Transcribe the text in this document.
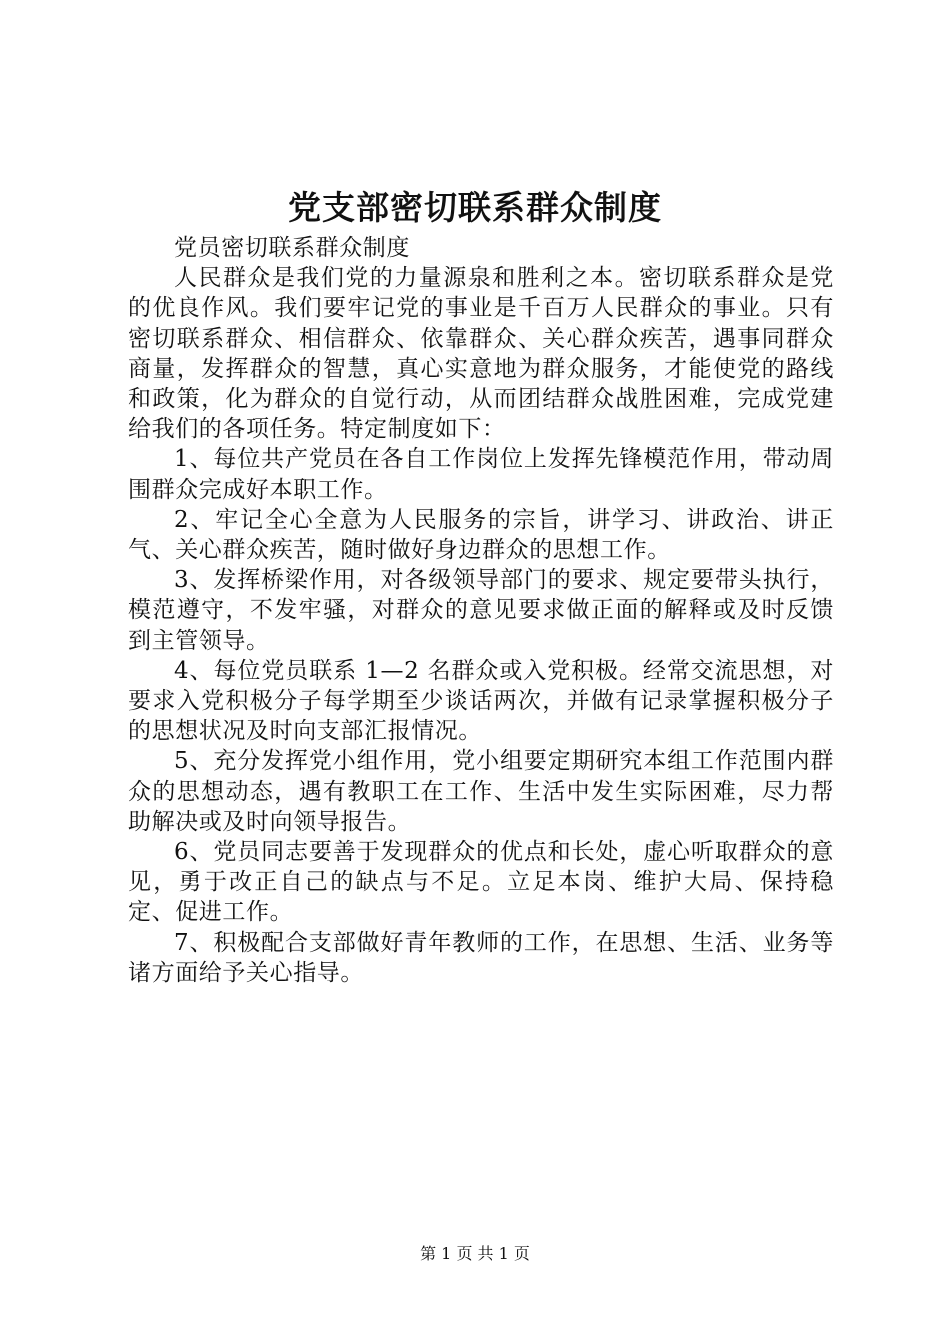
党支部密切联系群众制度

党员密切联系群众制度

人民群众是我们党的力量源泉和胜利之本。密切联系群众是党的优良作风。我们要牢记党的事业是千百万人民群众的事业。只有密切联系群众、相信群众、依靠群众、关心群众疾苦，遇事同群众商量，发挥群众的智慧，真心实意地为群众服务，才能使党的路线和政策，化为群众的自觉行动，从而团结群众战胜困难，完成党建给我们的各项任务。特定制度如下：

1、每位共产党员在各自工作岗位上发挥先锋模范作用，带动周围群众完成好本职工作。

2、牢记全心全意为人民服务的宗旨，讲学习、讲政治、讲正气、关心群众疾苦，随时做好身边群众的思想工作。

3、发挥桥梁作用，对各级领导部门的要求、规定要带头执行，模范遵守，不发牢骚，对群众的意见要求做正面的解释或及时反馈到主管领导。

4、每位党员联系 1—2 名群众或入党积极。经常交流思想，对要求入党积极分子每学期至少谈话两次，并做有记录掌握积极分子的思想状况及时向支部汇报情况。

5、充分发挥党小组作用，党小组要定期研究本组工作范围内群众的思想动态，遇有教职工在工作、生活中发生实际困难，尽力帮助解决或及时向领导报告。

6、党员同志要善于发现群众的优点和长处，虚心听取群众的意见，勇于改正自己的缺点与不足。立足本岗、维护大局、保持稳定、促进工作。

7、积极配合支部做好青年教师的工作，在思想、生活、业务等诸方面给予关心指导。

第 1 页 共 1 页
